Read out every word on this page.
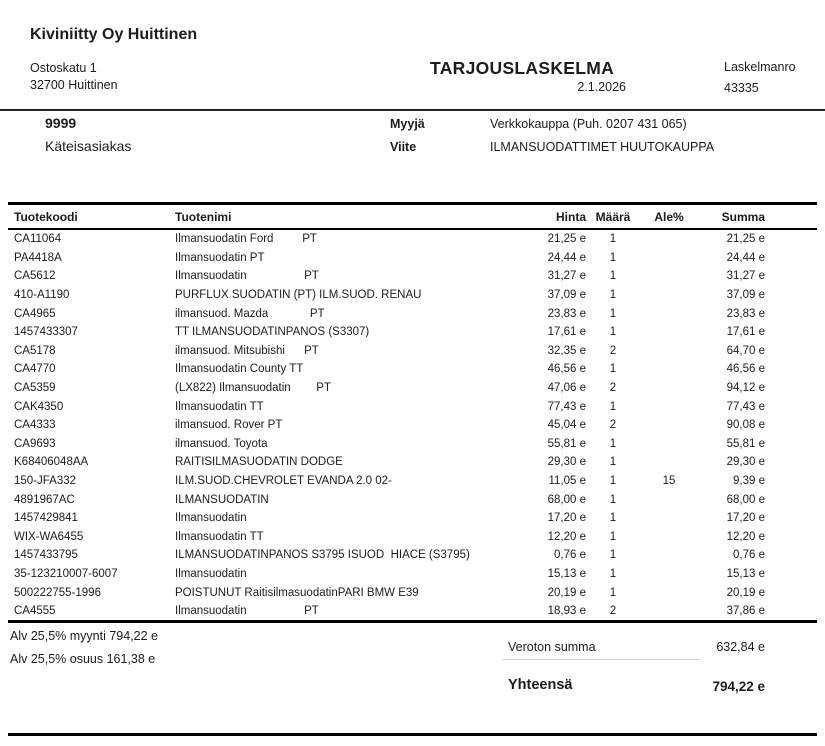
Kiviniitty Oy Huittinen
Ostoskatu 1
32700 Huittinen
TARJOUSLASKELMA
2.1.2026
Laskelmanro
43335
9999
Käteisasiakas
Myyjä	Verkkokauppa (Puh. 0207 431 065)
Viite	ILMANSUODATTIMET HUUTOKAUPPA
Tuotekoodi	Tuotenimi	Hinta	Määrä	Ale%	Summa
CA11064	Ilmansuodatin Ford         PT	21,25 e	1		21,25 e
PA4418A	Ilmansuodatin PT	24,44 e	1		24,44 e
CA5612	Ilmansuodatin                  PT	31,27 e	1		31,27 e
410-A1190	PURFLUX SUODATIN (PT) ILM.SUOD. RENAU	37,09 e	1		37,09 e
CA4965	ilmansuod. Mazda             PT	23,83 e	1		23,83 e
1457433307	TT ILMANSUODATINPANOS (S3307)	17,61 e	1		17,61 e
CA5178	ilmansuod. Mitsubishi      PT	32,35 e	2		64,70 e
CA4770	Ilmansuodatin County TT	46,56 e	1		46,56 e
CA5359	(LX822) Ilmansuodatin        PT	47,06 e	2		94,12 e
CAK4350	Ilmansuodatin TT	77,43 e	1		77,43 e
CA4333	ilmansuod. Rover PT	45,04 e	2		90,08 e
CA9693	ilmansuod. Toyota	55,81 e	1		55,81 e
K68406048AA	RAITISILMASUODATIN DODGE	29,30 e	1		29,30 e
150-JFA332	ILM.SUOD.CHEVROLET EVANDA 2.0 02-	11,05 e	1	15	9,39 e
4891967AC	ILMANSUODATIN	68,00 e	1		68,00 e
1457429841	Ilmansuodatin	17,20 e	1		17,20 e
WIX-WA6455	Ilmansuodatin TT	12,20 e	1		12,20 e
1457433795	ILMANSUODATINPANOS S3795 ISUOD  HIACE (S3795)	0,76 e	1		0,76 e
35-123210007-6007	Ilmansuodatin	15,13 e	1		15,13 e
500222755-1996	POISTUNUT RaitisilmasuodatinPARI BMW E39	20,19 e	1		20,19 e
CA4555	Ilmansuodatin                  PT	18,93 e	2		37,86 e
Alv 25,5% myynti 794,22 e
Alv 25,5% osuus 161,38 e
Veroton summa	632,84 e
Yhteensä	794,22 e
